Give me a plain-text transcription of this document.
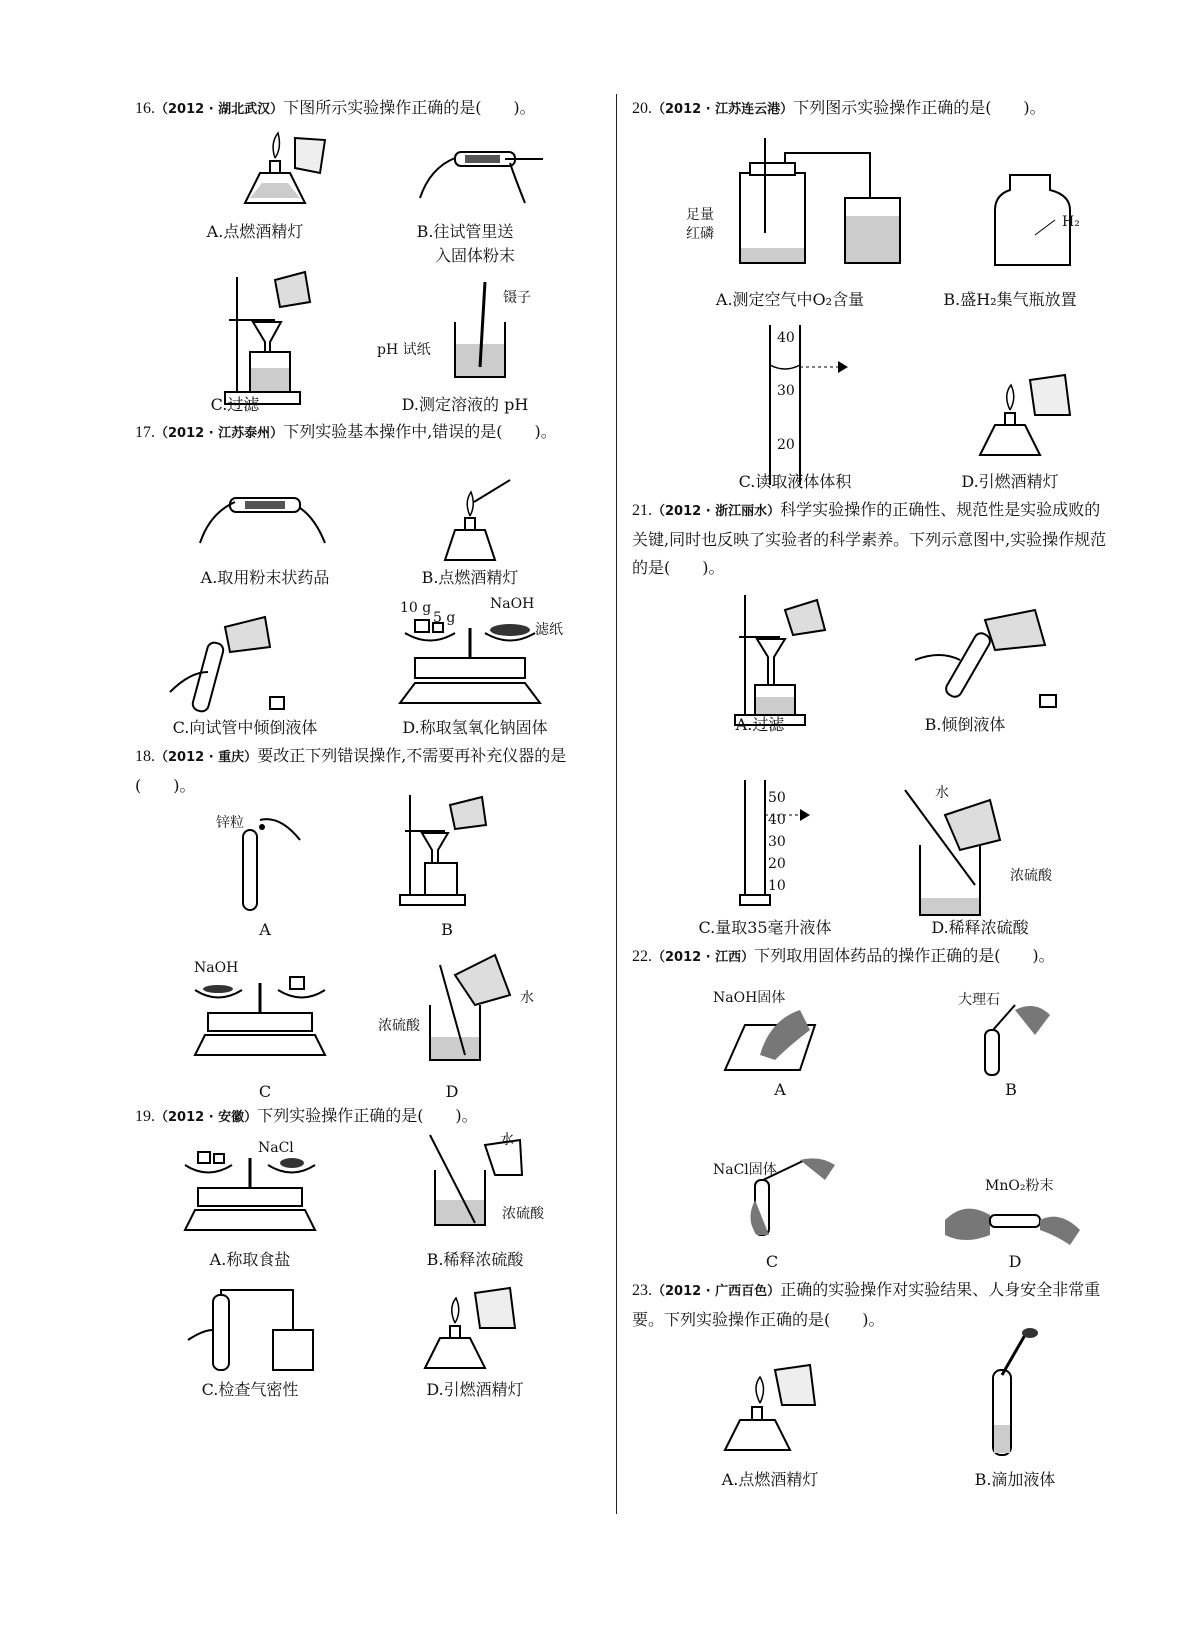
16.（2012 · 湖北武汉）下图所示实验操作正确的是(　　)。
A.点燃酒精灯	B.往试管里送
入固体粉末
镊子
pH 试纸
C.过滤	D.测定溶液的 pH
17.（2012 · 江苏泰州）下列实验基本操作中,错误的是(　　)。
A.取用粉末状药品	B.点燃酒精灯
10 g
5 g
NaOH
滤纸
C.向试管中倾倒液体	D.称取氢氧化钠固体
18.（2012 · 重庆）要改正下列错误操作,不需要再补充仪器的是(　　)。
锌粒
A	B
NaOH
水
浓硫酸
C	D
19.（2012 · 安徽）下列实验操作正确的是(　　)。
NaCl	水
浓硫酸
A.称取食盐	B.稀释浓硫酸
C.检查气密性	D.引燃酒精灯
20.（2012 · 江苏连云港）下列图示实验操作正确的是(　　)。
足量
红磷
H₂
A.测定空气中O₂含量	B.盛H₂集气瓶放置
40
30
20
C.读取液体体积	D.引燃酒精灯
21.（2012 · 浙江丽水）科学实验操作的正确性、规范性是实验成败的关键,同时也反映了实验者的科学素养。下列示意图中,实验操作规范的是(　　)。
A.过滤	B.倾倒液体
50
40
30
20
10
水
浓硫酸
C.量取35毫升液体	D.稀释浓硫酸
22.（2012 · 江西）下列取用固体药品的操作正确的是(　　)。
NaOH固体	大理石
A	B
NaCl固体
MnO₂粉末
C	D
23.（2012 · 广西百色）正确的实验操作对实验结果、人身安全非常重要。下列实验操作正确的是(　　)。
A.点燃酒精灯	B.滴加液体
